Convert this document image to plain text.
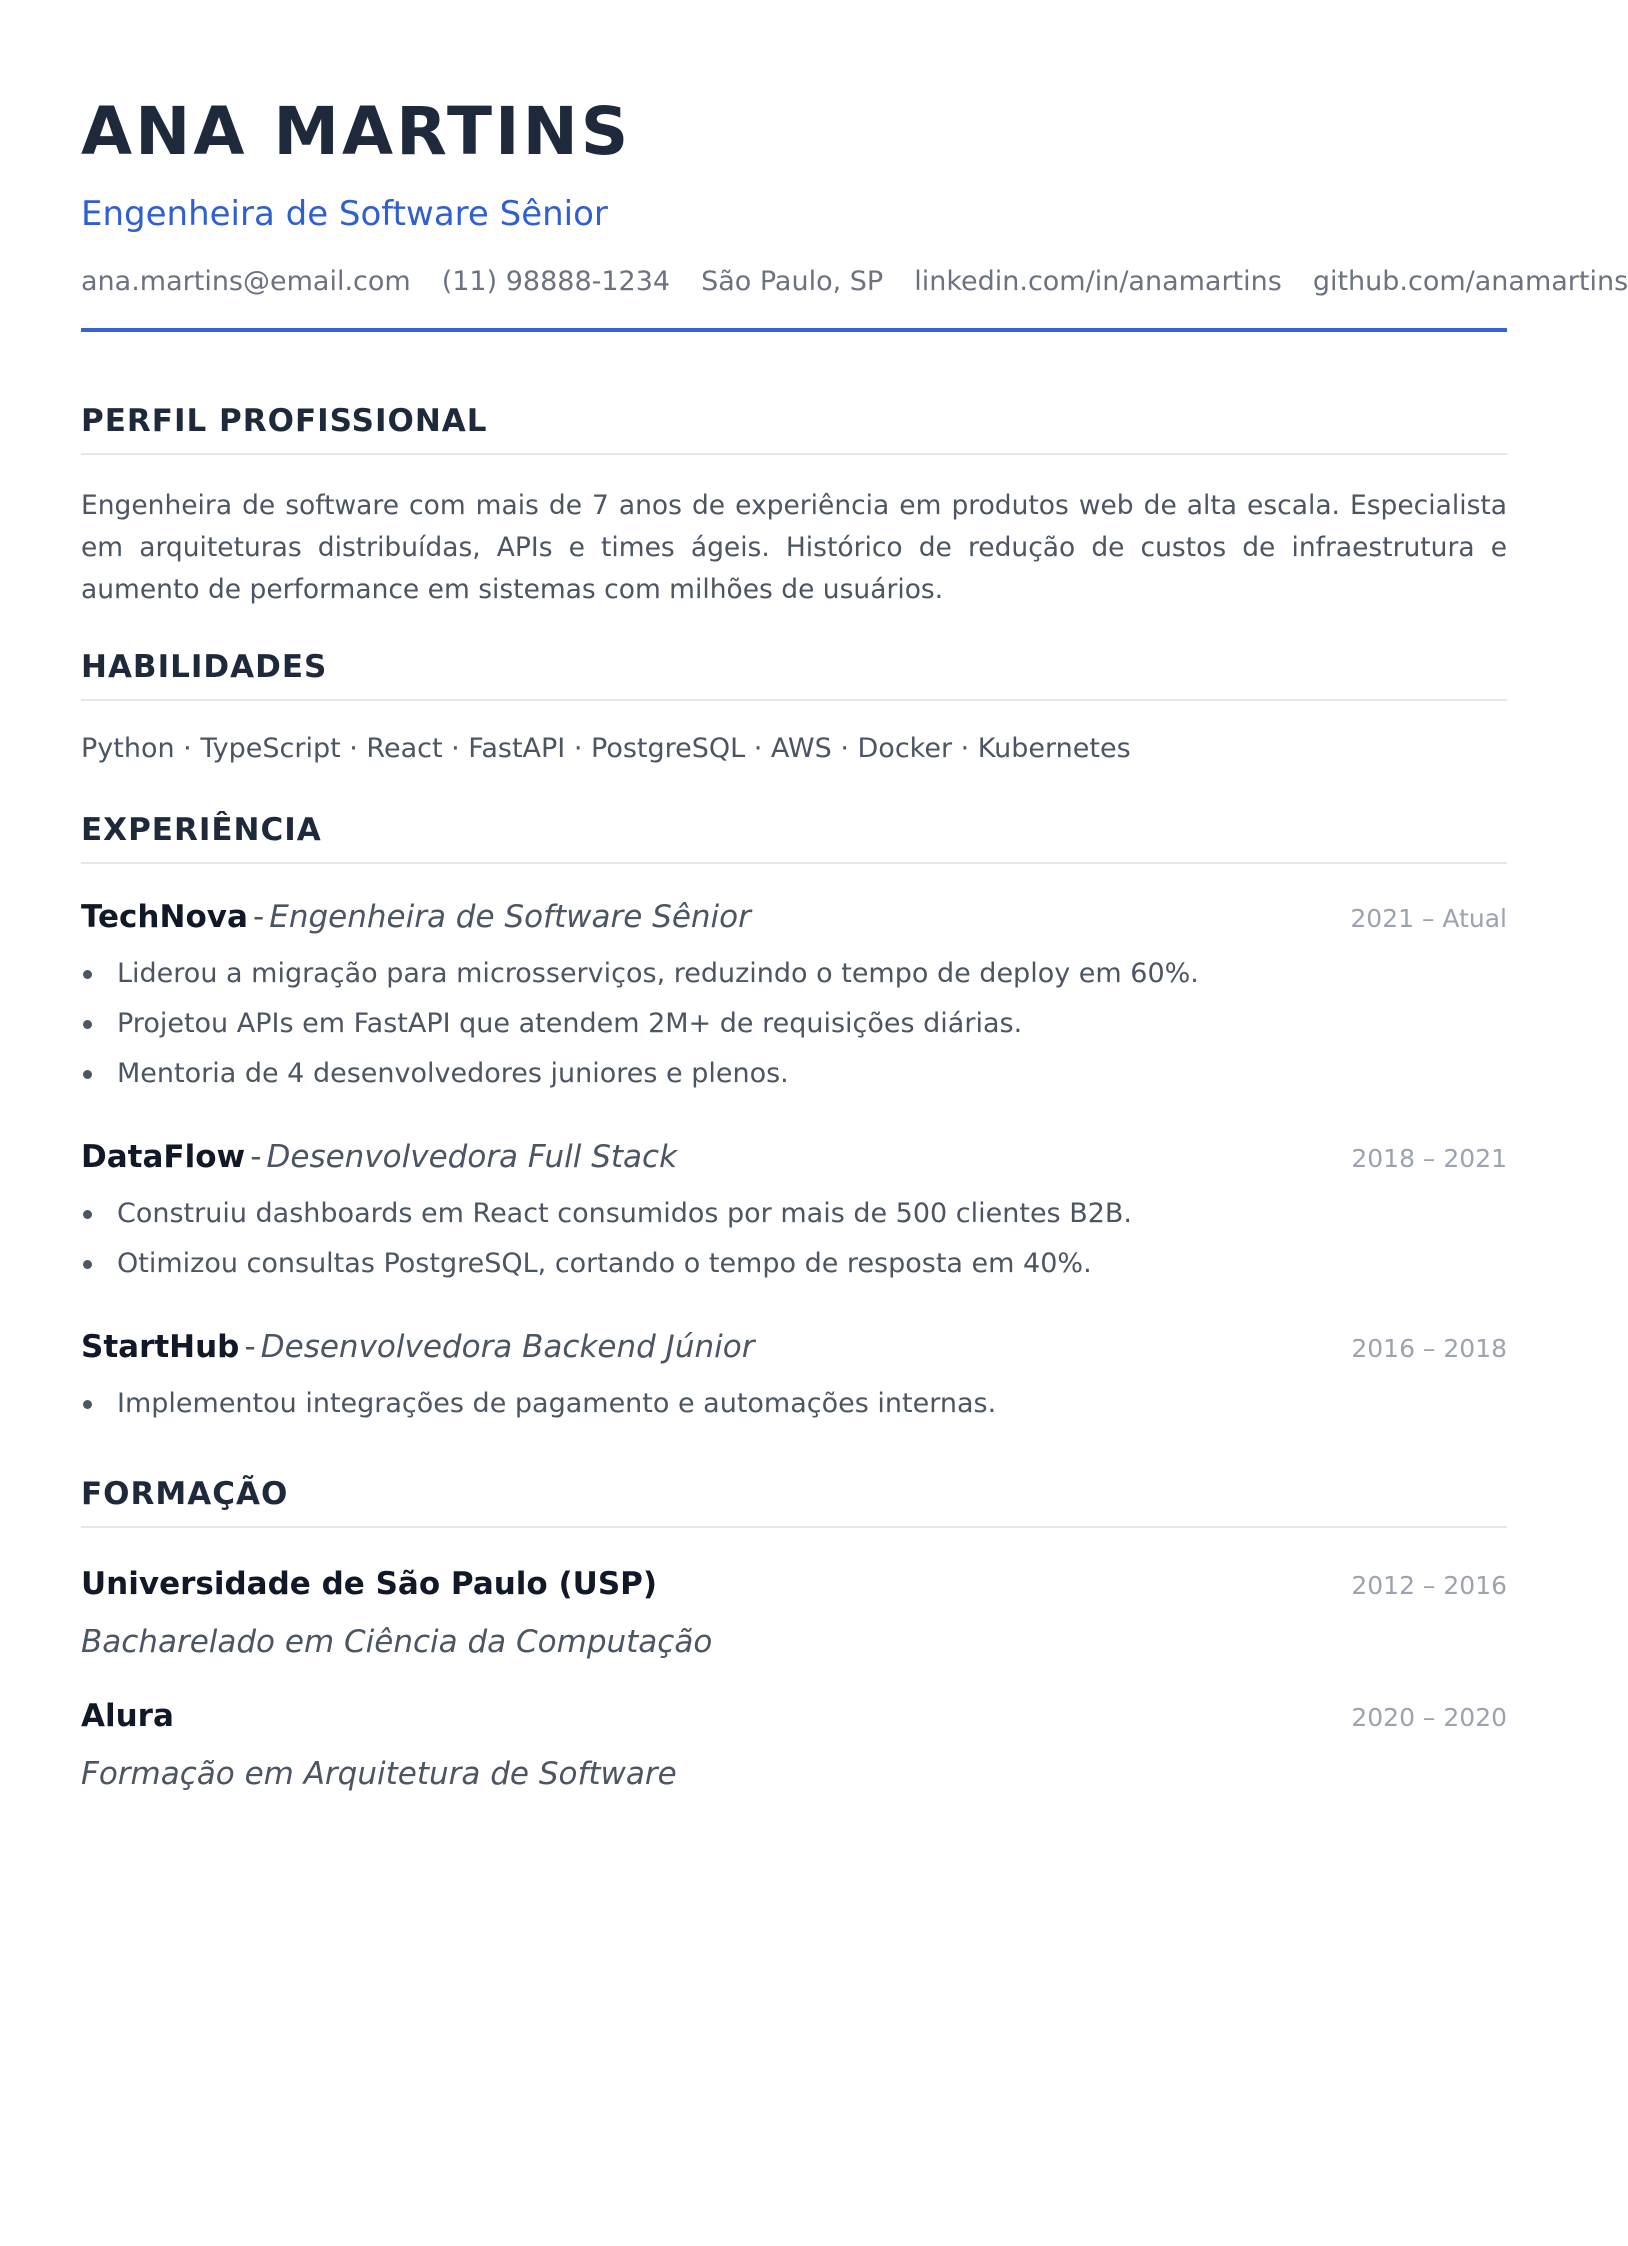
ANA MARTINS
Engenheira de Software Sênior
ana.martins@email.com (11) 98888-1234 São Paulo, SP linkedin.com/in/anamartins github.com/anamartins
PERFIL PROFISSIONAL

Engenheira de software com mais de 7 anos de experiência em produtos web de alta escala. Especialista em arquiteturas distribuídas, APIs e times ágeis. Histórico de redução de custos de infraestrutura e aumento de performance em sistemas com milhões de usuários.

HABILIDADES
Python · TypeScript · React · FastAPI · PostgreSQL · AWS · Docker · Kubernetes
EXPERIÊNCIA
TechNova - Engenheira de Software Sênior	2021 – Atual
Liderou a migração para microsserviços, reduzindo o tempo de deploy em 60%.
Projetou APIs em FastAPI que atendem 2M+ de requisições diárias.
Mentoria de 4 desenvolvedores juniores e plenos.
DataFlow - Desenvolvedora Full Stack	2018 – 2021
Construiu dashboards em React consumidos por mais de 500 clientes B2B.
Otimizou consultas PostgreSQL, cortando o tempo de resposta em 40%.
StartHub - Desenvolvedora Backend Júnior	2016 – 2018
Implementou integrações de pagamento e automações internas.
FORMAÇÃO
Universidade de São Paulo (USP)	2012 – 2016
Bacharelado em Ciência da Computação
Alura	2020 – 2020
Formação em Arquitetura de Software
